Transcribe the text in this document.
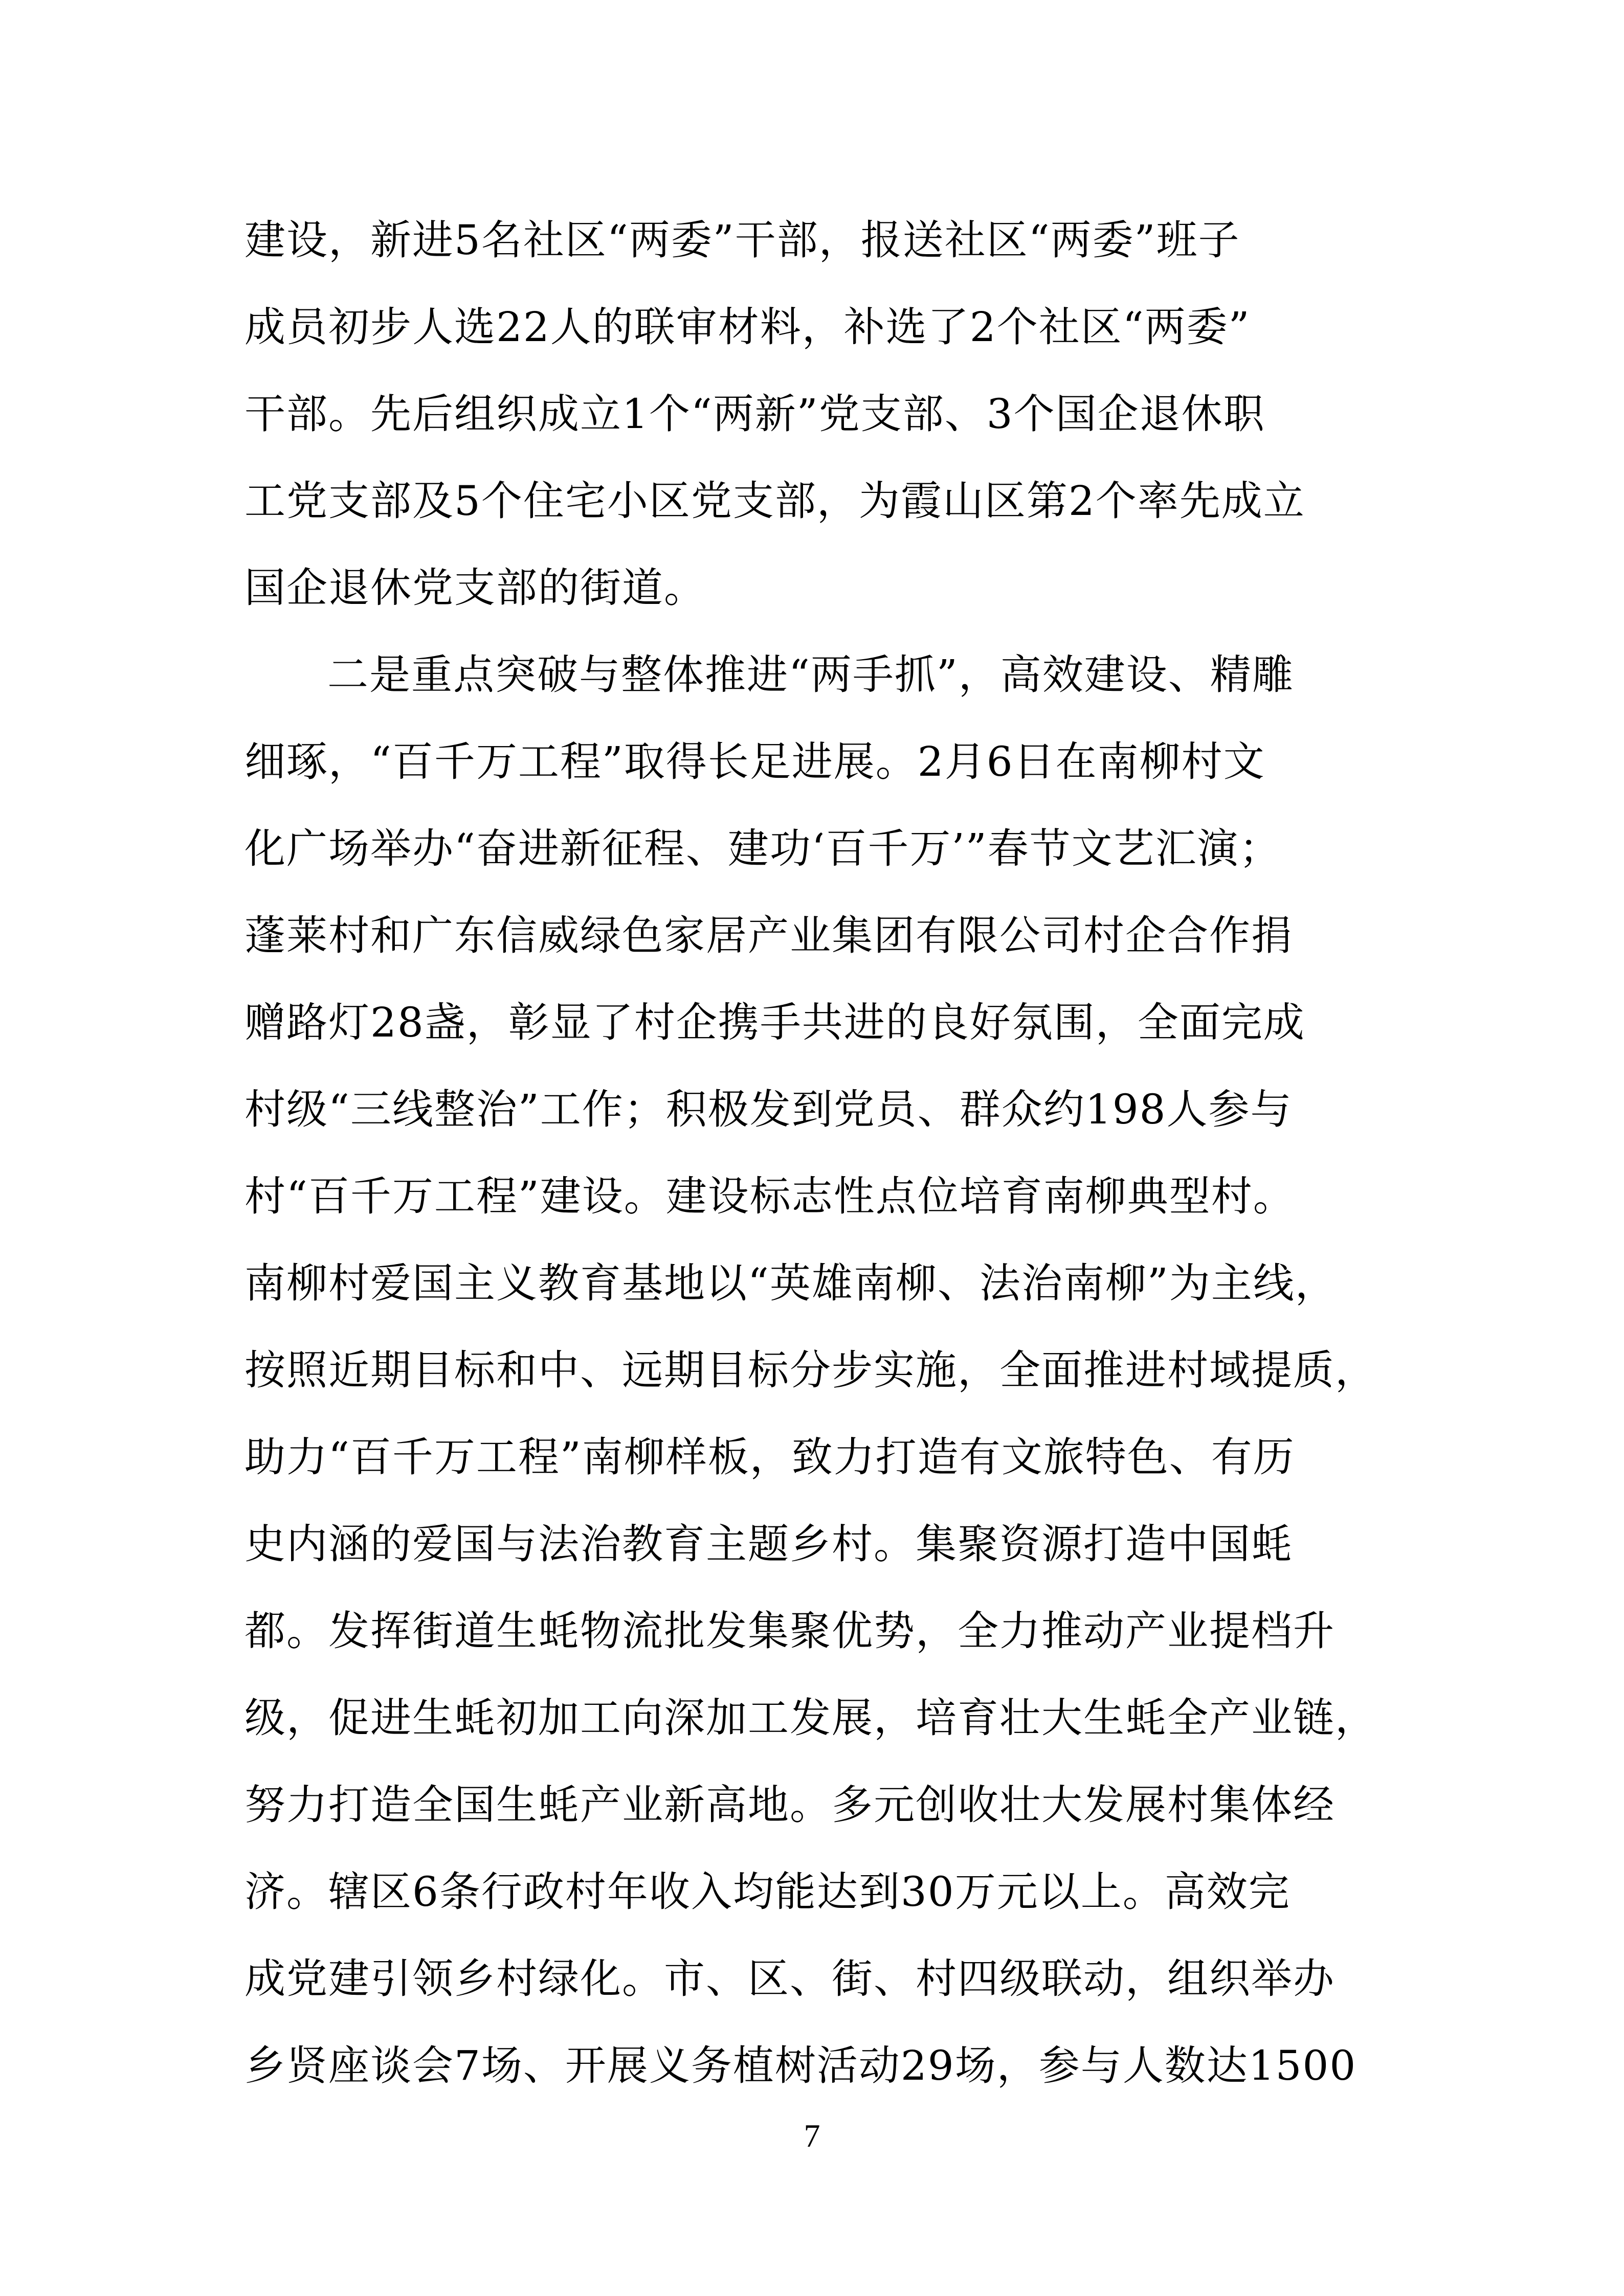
建设，新进5名社区“两委”干部，报送社区“两委”班子
成员初步人选22人的联审材料，补选了2个社区“两委”
干部。先后组织成立1个“两新”党支部、3个国企退休职
工党支部及5个住宅小区党支部，为霞山区第2个率先成立
国企退休党支部的街道。
二是重点突破与整体推进“两手抓”，高效建设、精雕
细琢，“百千万工程”取得长足进展。2月6日在南柳村文
化广场举办“奋进新征程、建功‘百千万’”春节文艺汇演；
蓬莱村和广东信威绿色家居产业集团有限公司村企合作捐
赠路灯28盏，彰显了村企携手共进的良好氛围，全面完成
村级“三线整治”工作；积极发到党员、群众约198人参与
村“百千万工程”建设。建设标志性点位培育南柳典型村。
南柳村爱国主义教育基地以“英雄南柳、法治南柳”为主线，
按照近期目标和中、远期目标分步实施，全面推进村域提质，
助力“百千万工程”南柳样板，致力打造有文旅特色、有历
史内涵的爱国与法治教育主题乡村。集聚资源打造中国蚝
都。发挥街道生蚝物流批发集聚优势，全力推动产业提档升
级，促进生蚝初加工向深加工发展，培育壮大生蚝全产业链，
努力打造全国生蚝产业新高地。多元创收壮大发展村集体经
济。辖区6条行政村年收入均能达到30万元以上。高效完
成党建引领乡村绿化。市、区、街、村四级联动，组织举办
乡贤座谈会7场、开展义务植树活动29场，参与人数达1500
7
